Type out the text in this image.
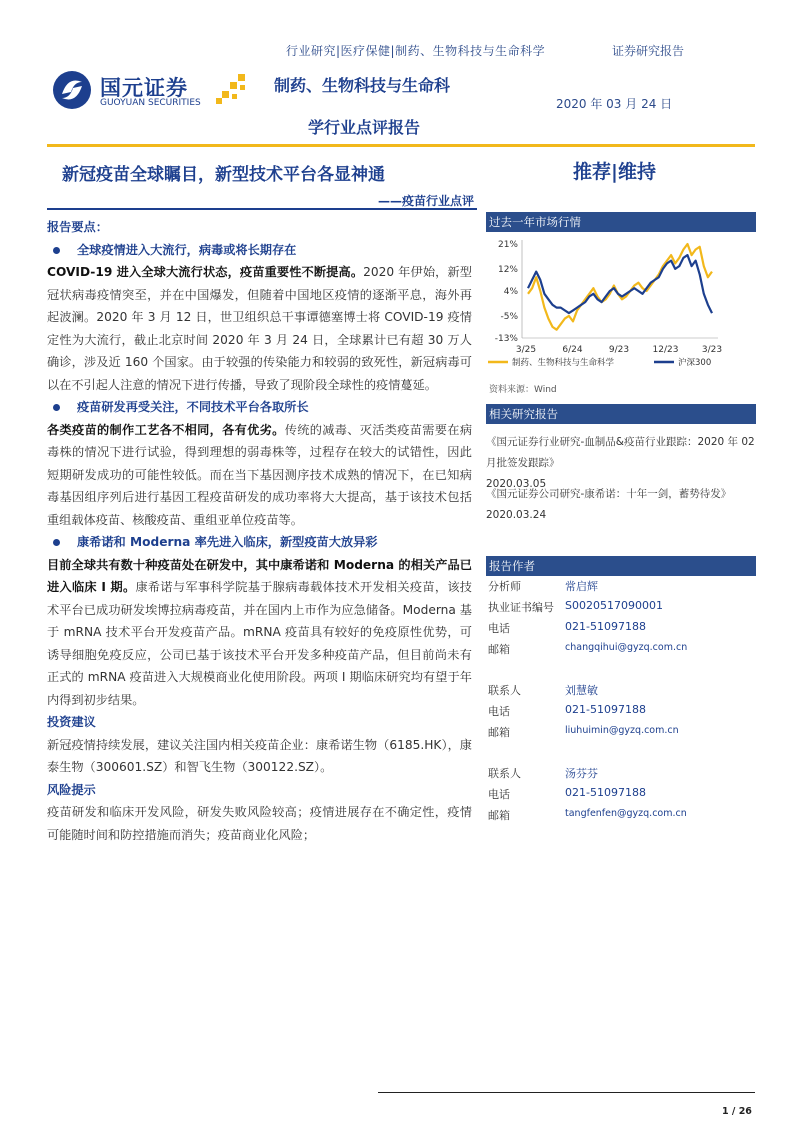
行业研究|医疗保健|制药、生物科技与生命科学	证券研究报告
国元证券
GUOYUAN SECURITIES
制药、生物科技与生命科
学行业点评报告
2020 年 03 月 24 日
新冠疫苗全球瞩目，新型技术平台各显神通
——疫苗行业点评
推荐|维持
报告要点：
全球疫情进入大流行，病毒或将长期存在
COVID-19 进入全球大流行状态，疫苗重要性不断提高。2020 年伊始，新型冠状病毒疫情突至，并在中国爆发，但随着中国地区疫情的逐渐平息，海外再起波澜。2020 年 3 月 12 日，世卫组织总干事谭德塞博士将 COVID-19 疫情定性为大流行，截止北京时间 2020 年 3 月 24 日，全球累计已有超 30 万人确诊，涉及近 160 个国家。由于较强的传染能力和较弱的致死性，新冠病毒可以在不引起人注意的情况下进行传播，导致了现阶段全球性的疫情蔓延。
疫苗研发再受关注，不同技术平台各取所长
各类疫苗的制作工艺各不相同，各有优劣。传统的减毒、灭活类疫苗需要在病毒株的情况下进行试验，得到理想的弱毒株等，过程存在较大的试错性，因此短期研发成功的可能性较低。而在当下基因测序技术成熟的情况下，在已知病毒基因组序列后进行基因工程疫苗研发的成功率将大大提高，基于该技术包括重组载体疫苗、核酸疫苗、重组亚单位疫苗等。
康希诺和 Moderna 率先进入临床，新型疫苗大放异彩
目前全球共有数十种疫苗处在研发中，其中康希诺和 Moderna 的相关产品已进入临床 I 期。康希诺与军事科学院基于腺病毒载体技术开发相关疫苗，该技术平台已成功研发埃博拉病毒疫苗，并在国内上市作为应急储备。Moderna 基于 mRNA 技术平台开发疫苗产品。mRNA 疫苗具有较好的免疫原性优势，可诱导细胞免疫反应，公司已基于该技术平台开发多种疫苗产品，但目前尚未有正式的 mRNA 疫苗进入大规模商业化使用阶段。两项 I 期临床研究均有望于年内得到初步结果。
投资建议
新冠疫情持续发展，建议关注国内相关疫苗企业：康希诺生物（6185.HK），康泰生物（300601.SZ）和智飞生物（300122.SZ）。
风险提示
疫苗研发和临床开发风险，研发失败风险较高；疫情进展存在不确定性，疫情可能随时间和防控措施而消失；疫苗商业化风险；
过去一年市场行情
21%
12%
4%
-5%
-13%
3/25	6/24	9/23	12/23	3/23
制药、生物科技与生命科学	沪深300
资料来源：Wind
相关研究报告
《国元证券行业研究-血制品&疫苗行业跟踪：2020 年 02 月批签发跟踪》
2020.03.05
《国元证券公司研究-康希诺：十年一剑，蓄势待发》
2020.03.24
报告作者
分析师	常启辉
执业证书编号 S0020517090001
电话	021-51097188
邮箱	changqihui@gyzq.com.cn
联系人	刘慧敏
电话	021-51097188
邮箱	liuhuimin@gyzq.com.cn
联系人	汤芬芬
电话	021-51097188
邮箱	tangfenfen@gyzq.com.cn
1 / 26
